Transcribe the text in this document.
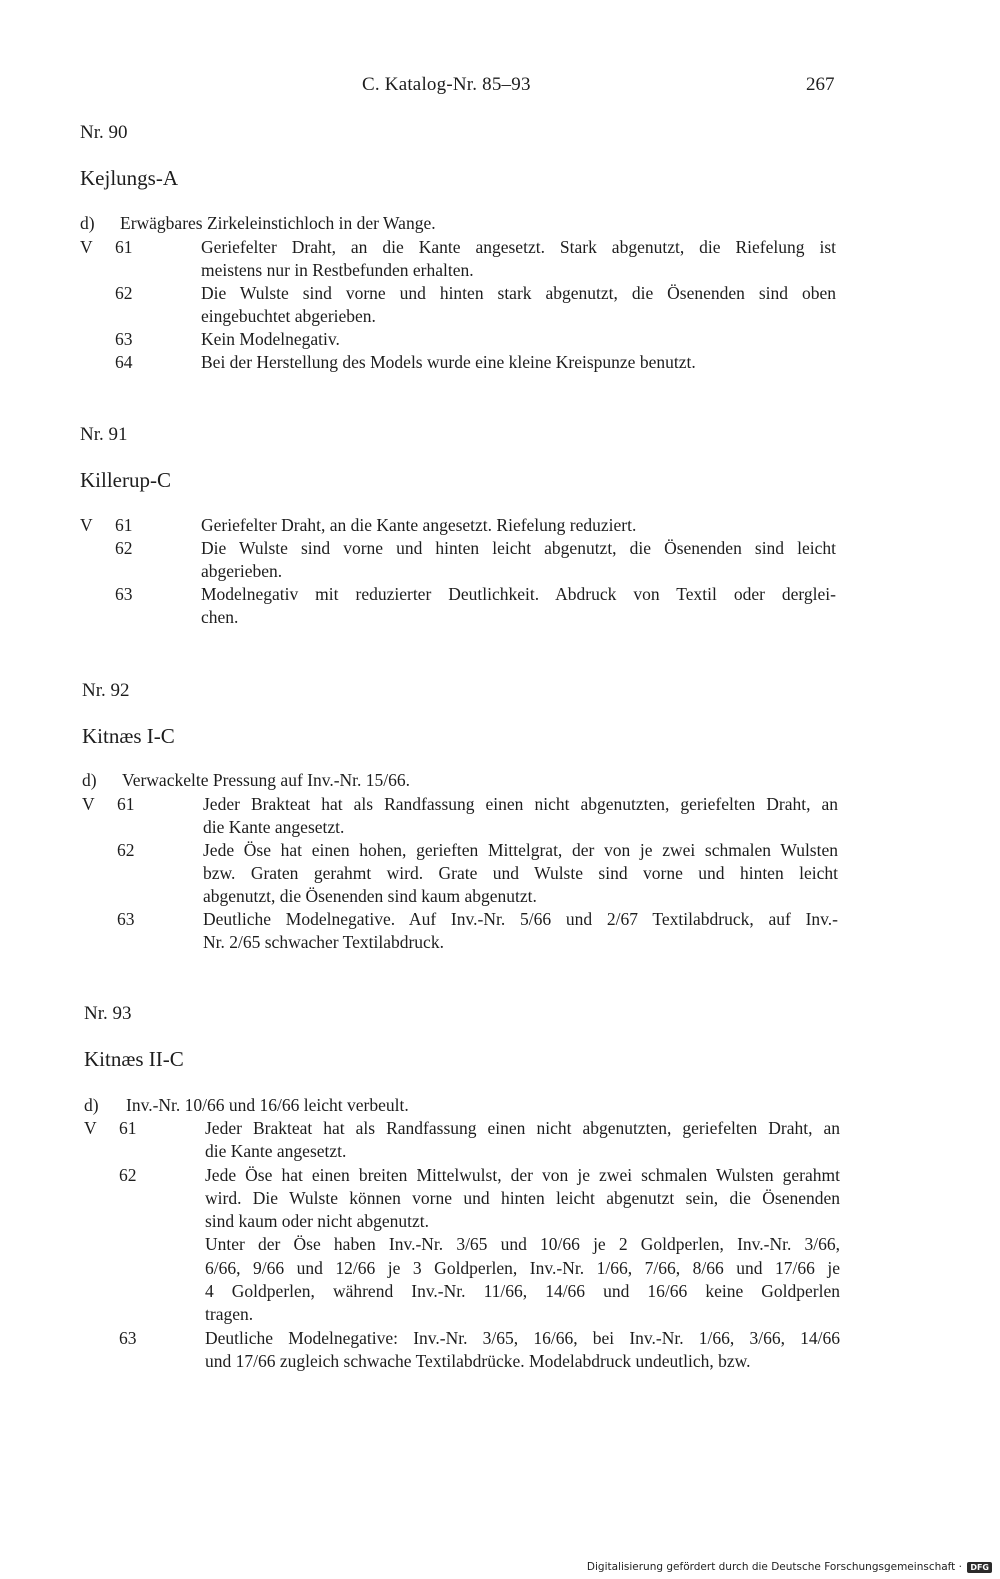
C. Katalog-Nr. 85–93	267
Nr. 90
Kejlungs-A
d) Erwägbares Zirkeleinstichloch in der Wange.
V 61	Geriefelter Draht, an die Kante angesetzt. Stark abgenutzt, die Riefelung ist
meistens nur in Restbefunden erhalten.
62	Die Wulste sind vorne und hinten stark abgenutzt, die Ösenenden sind oben
eingebuchtet abgerieben.
63	Kein Modelnegativ.
64	Bei der Herstellung des Models wurde eine kleine Kreispunze benutzt.
Nr. 91
Killerup-C
V 61	Geriefelter Draht, an die Kante angesetzt. Riefelung reduziert.
62	Die Wulste sind vorne und hinten leicht abgenutzt, die Ösenenden sind leicht
abgerieben.
63	Modelnegativ mit reduzierter Deutlichkeit. Abdruck von Textil oder derglei-
chen.
Nr. 92
Kitnæs I-C
d) Verwackelte Pressung auf Inv.-Nr. 15/66.
V 61	Jeder Brakteat hat als Randfassung einen nicht abgenutzten, geriefelten Draht, an
die Kante angesetzt.
62	Jede Öse hat einen hohen, gerieften Mittelgrat, der von je zwei schmalen Wulsten
bzw. Graten gerahmt wird. Grate und Wulste sind vorne und hinten leicht
abgenutzt, die Ösenenden sind kaum abgenutzt.
63	Deutliche Modelnegative. Auf Inv.-Nr. 5/66 und 2/67 Textilabdruck, auf Inv.-
Nr. 2/65 schwacher Textilabdruck.
Nr. 93
Kitnæs II-C
d) Inv.-Nr. 10/66 und 16/66 leicht verbeult.
V 61	Jeder Brakteat hat als Randfassung einen nicht abgenutzten, geriefelten Draht, an
die Kante angesetzt.
62	Jede Öse hat einen breiten Mittelwulst, der von je zwei schmalen Wulsten gerahmt
wird. Die Wulste können vorne und hinten leicht abgenutzt sein, die Ösenenden
sind kaum oder nicht abgenutzt.
Unter der Öse haben Inv.-Nr. 3/65 und 10/66 je 2 Goldperlen, Inv.-Nr. 3/66,
6/66, 9/66 und 12/66 je 3 Goldperlen, Inv.-Nr. 1/66, 7/66, 8/66 und 17/66 je
4 Goldperlen, während Inv.-Nr. 11/66, 14/66 und 16/66 keine Goldperlen
tragen.
63	Deutliche Modelnegative: Inv.-Nr. 3/65, 16/66, bei Inv.-Nr. 1/66, 3/66, 14/66
und 17/66 zugleich schwache Textilabdrücke. Modelabdruck undeutlich, bzw.
Digitalisierung gefördert durch die Deutsche Forschungsgemeinschaft · DFG
